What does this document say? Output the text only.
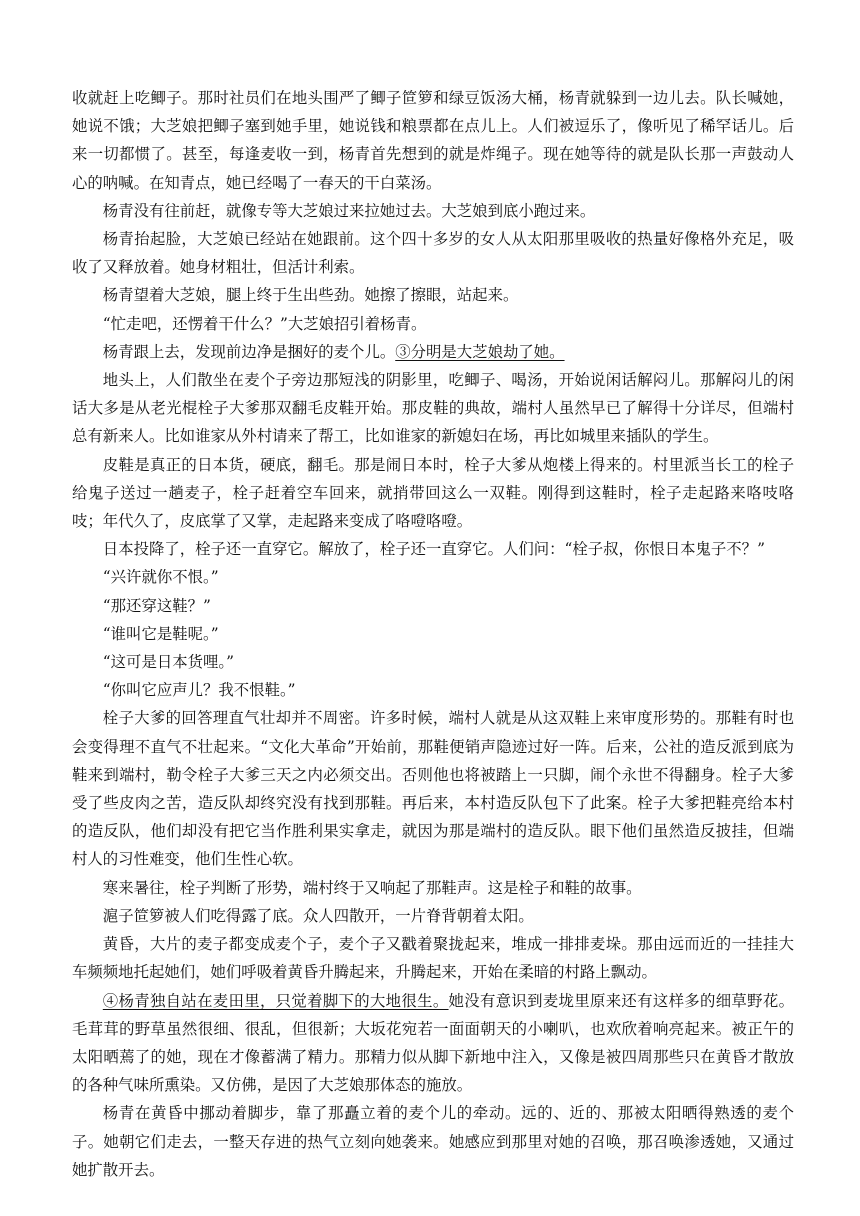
收就赶上吃鲫子。那时社员们在地头围严了鲫子笸箩和绿豆饭汤大桶，杨青就躲到一边儿去。队长喊她，她说不饿；大芝娘把鲫子塞到她手里，她说钱和粮票都在点儿上。人们被逗乐了，像听见了稀罕话儿。后来一切都惯了。甚至，每逢麦收一到，杨青首先想到的就是炸绳子。现在她等待的就是队长那一声鼓动人心的呐喊。在知青点，她已经喝了一春天的干白菜汤。

杨青没有往前赶，就像专等大芝娘过来拉她过去。大芝娘到底小跑过来。

杨青抬起脸，大芝娘已经站在她跟前。这个四十多岁的女人从太阳那里吸收的热量好像格外充足，吸收了又释放着。她身材粗壮，但活计利索。

杨青望着大芝娘，腿上终于生出些劲。她擦了擦眼，站起来。

“忙走吧，还愣着干什么？”大芝娘招引着杨青。

杨青跟上去，发现前边净是捆好的麦个儿。③分明是大芝娘劫了她。

地头上，人们散坐在麦个子旁边那短浅的阴影里，吃鲫子、喝汤，开始说闲话解闷儿。那解闷儿的闲话大多是从老光棍栓子大爹那双翻毛皮鞋开始。那皮鞋的典故，端村人虽然早已了解得十分详尽，但端村总有新来人。比如谁家从外村请来了帮工，比如谁家的新媳妇在场，再比如城里来插队的学生。

皮鞋是真正的日本货，硬底，翻毛。那是闹日本时，栓子大爹从炮楼上得来的。村里派当长工的栓子给鬼子送过一趟麦子，栓子赶着空车回来，就捎带回这么一双鞋。刚得到这鞋时，栓子走起路来咯吱咯吱；年代久了，皮底掌了又掌，走起路来变成了咯噔咯噔。

日本投降了，栓子还一直穿它。解放了，栓子还一直穿它。人们问：“栓子叔，你恨日本鬼子不？”

“兴许就你不恨。”

“那还穿这鞋？”

“谁叫它是鞋呢。”

“这可是日本货哩。”

“你叫它应声儿？我不恨鞋。”

栓子大爹的回答理直气壮却并不周密。许多时候，端村人就是从这双鞋上来审度形势的。那鞋有时也会变得理不直气不壮起来。“文化大革命”开始前，那鞋便销声隐迹过好一阵。后来，公社的造反派到底为鞋来到端村，勒令栓子大爹三天之内必须交出。否则他也将被踏上一只脚，闹个永世不得翻身。栓子大爹受了些皮肉之苦，造反队却终究没有找到那鞋。再后来，本村造反队包下了此案。栓子大爹把鞋亮给本村的造反队，他们却没有把它当作胜利果实拿走，就因为那是端村的造反队。眼下他们虽然造反披挂，但端村人的习性难变，他们生性心软。

寒来暑往，栓子判断了形势，端村终于又响起了那鞋声。这是栓子和鞋的故事。

滬子笸箩被人们吃得露了底。众人四散开，一片脊背朝着太阳。

黄昏，大片的麦子都变成麦个子，麦个子又戳着聚拢起来，堆成一排排麦垛。那由远而近的一挂挂大车频频地托起她们，她们呼吸着黄昏升腾起来，升腾起来，开始在柔暗的村路上飘动。

④杨青独自站在麦田里，只觉着脚下的大地很生。她没有意识到麦垅里原来还有这样多的细草野花。毛茸茸的野草虽然很细、很乱，但很新；大坂花宛若一面面朝天的小喇叭，也欢欣着响亮起来。被正午的太阳晒蔫了的她，现在才像蓄满了精力。那精力似从脚下新地中注入，又像是被四周那些只在黄昏才散放的各种气味所熏染。又仿佛，是因了大芝娘那体态的施放。

杨青在黄昏中挪动着脚步，靠了那矗立着的麦个儿的牵动。远的、近的、那被太阳晒得熟透的麦个子。她朝它们走去，一整天存进的热气立刻向她袭来。她感应到那里对她的召唤，那召唤渗透她，又通过她扩散开去。
